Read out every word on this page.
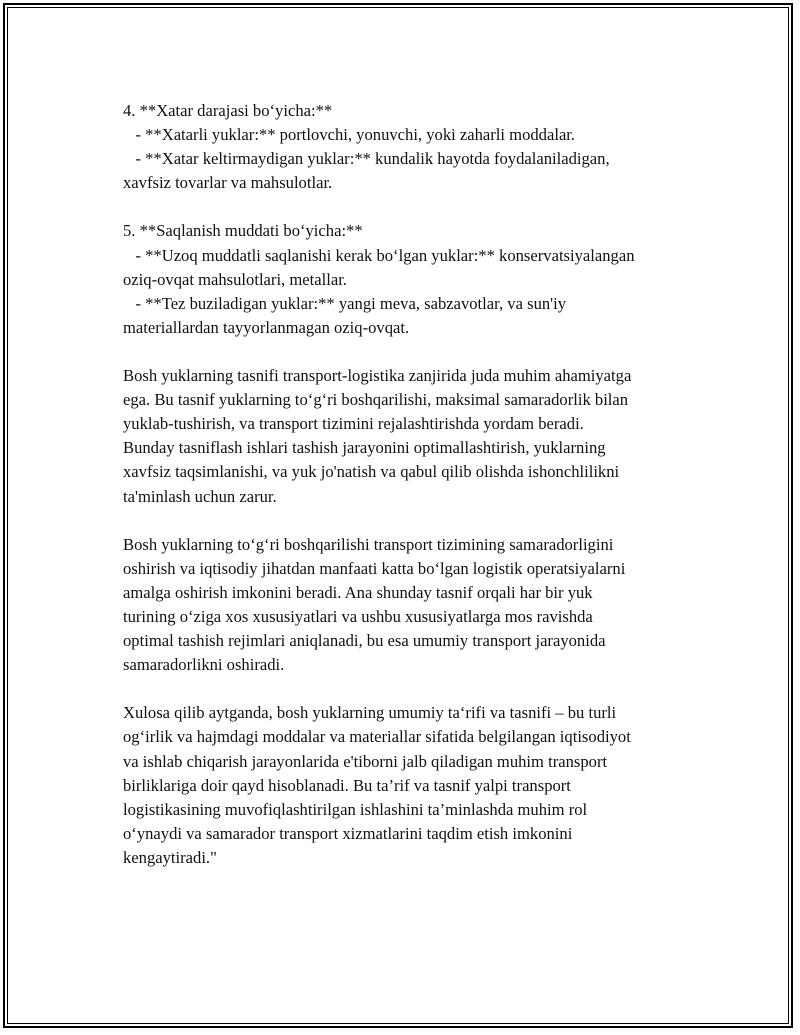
4. **Xatar darajasi bo‘yicha:**
- **Xatarli yuklar:** portlovchi, yonuvchi, yoki zaharli moddalar.
- **Xatar keltirmaydigan yuklar:** kundalik hayotda foydalaniladigan,
xavfsiz tovarlar va mahsulotlar.
5. **Saqlanish muddati bo‘yicha:**
- **Uzoq muddatli saqlanishi kerak bo‘lgan yuklar:** konservatsiyalangan
oziq-ovqat mahsulotlari, metallar.
- **Tez buziladigan yuklar:** yangi meva, sabzavotlar, va sun'iy
materiallardan tayyorlanmagan oziq-ovqat.
Bosh yuklarning tasnifi transport-logistika zanjirida juda muhim ahamiyatga
ega. Bu tasnif yuklarning to‘g‘ri boshqarilishi, maksimal samaradorlik bilan
yuklab-tushirish, va transport tizimini rejalashtirishda yordam beradi.
Bunday tasniflash ishlari tashish jarayonini optimallashtirish, yuklarning
xavfsiz taqsimlanishi, va yuk jo'natish va qabul qilib olishda ishonchlilikni
ta'minlash uchun zarur.
Bosh yuklarning to‘g‘ri boshqarilishi transport tizimining samaradorligini
oshirish va iqtisodiy jihatdan manfaati katta bo‘lgan logistik operatsiyalarni
amalga oshirish imkonini beradi. Ana shunday tasnif orqali har bir yuk
turining o‘ziga xos xususiyatlari va ushbu xususiyatlarga mos ravishda
optimal tashish rejimlari aniqlanadi, bu esa umumiy transport jarayonida
samaradorlikni oshiradi.
Xulosa qilib aytganda, bosh yuklarning umumiy ta‘rifi va tasnifi – bu turli
og‘irlik va hajmdagi moddalar va materiallar sifatida belgilangan iqtisodiyot
va ishlab chiqarish jarayonlarida e'tiborni jalb qiladigan muhim transport
birliklariga doir qayd hisoblanadi. Bu ta’rif va tasnif yalpi transport
logistikasining muvofiqlashtirilgan ishlashini ta’minlashda muhim rol
o‘ynaydi va samarador transport xizmatlarini taqdim etish imkonini
kengaytiradi."
